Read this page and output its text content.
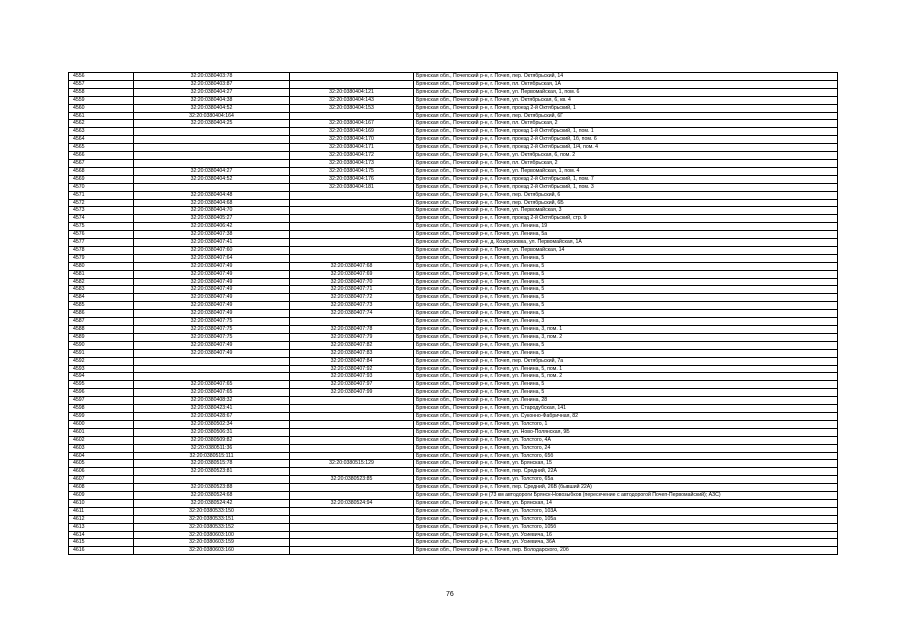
4556	32:20:0380403:78		Брянская обл., Почепский р-н, г. Почеп, пер. Октябрьский, 14
4557	32:20:0380403:87		Брянская обл., Почепский р-н, г. Почеп, пл. Октябрьская, 1А
4558	32:20:0380404:27	32:20:0380404:121	Брянская обл., Почепский р-н, г. Почеп, ул. Первомайская, 1, пом. 6
4559	32:20:0380404:38	32:20:0380404:143	Брянская обл., Почепский р-н, г. Почеп, ул. Октябрьская, 6, кв. 4
4560	32:20:0380404:52	32:20:0380404:153	Брянская обл., Почепский р-н, г. Почеп, проезд 2-й Октябрьский, 1
4561	32:20:0380404:164		Брянская обл., Почепский р-н, г. Почеп, пер. Октябрьский, 6Г
4562	32:20:0380404:25	32:20:0380404:167	Брянская обл., Почепский р-н, г. Почеп, пл. Октябрьская, 2
4563		32:20:0380404:169	Брянская обл., Почепский р-н, г. Почеп, проезд 1-й Октябрьский, 1, пом. 1
4564		32:20:0380404:170	Брянская обл., Почепский р-н, г. Почеп, проезд 2-й Октябрьский, 1б, пом. 6
4565		32:20:0380404:171	Брянская обл., Почепский р-н, г. Почеп, проезд 2-й Октябрьский, 1/4, пом. 4
4566		32:20:0380404:172	Брянская обл., Почепский р-н, г. Почеп, ул. Октябрьская, 6, пом. 2
4567		32:20:0380404:173	Брянская обл., Почепский р-н, г. Почеп, пл. Октябрьская, 2
4568	32:20:0380404:27	32:20:0380404:175	Брянская обл., Почепский р-н, г. Почеп, ул. Первомайская, 1, пом. 4
4569	32:20:0380404:52	32:20:0380404:176	Брянская обл., Почепский р-н, г. Почеп, проезд 2-й Октябрьский, 1, пом. 7
4570		32:20:0380404:181	Брянская обл., Почепский р-н, г. Почеп, проезд 2-й Октябрьский, 1, пом. 3
4571	32:20:0380404:48		Брянская обл., Почепский р-н, г. Почеп, пер. Октябрьский, 6
4572	32:20:0380404:68		Брянская обл., Почепский р-н, г. Почеп, пер. Октябрьский, 6Б
4573	32:20:0380404:70		Брянская обл., Почепский р-н, г. Почеп, ул. Первомайская, 3
4574	32:20:0380405:27		Брянская обл., Почепский р-н, г. Почеп, проезд 2-й Октябрьский, стр. 9
4575	32:20:0380406:42		Брянская обл., Почепский р-н, г. Почеп, ул. Ленина, 19
4576	32:20:0380407:38		Брянская обл., Почепский р-н, г. Почеп, ул. Ленина, 5а
4577	32:20:0380407:41		Брянская обл., Почепский р-н, д. Козорезовка, ул. Первомайская, 1А
4578	32:20:0380407:60		Брянская обл., Почепский р-н, г. Почеп, ул. Первомайская, 14
4579	32:20:0380407:64		Брянская обл., Почепский р-н, г. Почеп, ул. Ленина, 5
4580	32:20:0380407:49	32:20:0380407:68	Брянская обл., Почепский р-н, г. Почеп, ул. Ленина, 5
4581	32:20:0380407:49	32:20:0380407:69	Брянская обл., Почепский р-н, г. Почеп, ул. Ленина, 5
4582	32:20:0380407:49	32:20:0380407:70	Брянская обл., Почепский р-н, г. Почеп, ул. Ленина, 5
4583	32:20:0380407:49	32:20:0380407:71	Брянская обл., Почепский р-н, г. Почеп, ул. Ленина, 5
4584	32:20:0380407:49	32:20:0380407:72	Брянская обл., Почепский р-н, г. Почеп, ул. Ленина, 5
4585	32:20:0380407:49	32:20:0380407:73	Брянская обл., Почепский р-н, г. Почеп, ул. Ленина, 5
4586	32:20:0380407:49	32:20:0380407:74	Брянская обл., Почепский р-н, г. Почеп, ул. Ленина, 5
4587	32:20:0380407:75		Брянская обл., Почепский р-н, г. Почеп, ул. Ленина, 3
4588	32:20:0380407:75	32:20:0380407:78	Брянская обл., Почепский р-н, г. Почеп, ул. Ленина, 3, пом. 1
4589	32:20:0380407:75	32:20:0380407:79	Брянская обл., Почепский р-н, г. Почеп, ул. Ленина, 3, пом. 2
4590	32:20:0380407:49	32:20:0380407:82	Брянская обл., Почепский р-н, г. Почеп, ул. Ленина, 5
4591	32:20:0380407:49	32:20:0380407:83	Брянская обл., Почепский р-н, г. Почеп, ул. Ленина, 5
4592		32:20:0380407:84	Брянская обл., Почепский р-н, г. Почеп, пер. Октябрьский, 7а
4593		32:20:0380407:92	Брянская обл., Почепский р-н, г. Почеп, ул. Ленина, 5, пом. 1
4594		32:20:0380407:93	Брянская обл., Почепский р-н, г. Почеп, ул. Ленина, 5, пом. 2
4595	32:20:0380407:65	32:20:0380407:97	Брянская обл., Почепский р-н, г. Почеп, ул. Ленина, 5
4596	32:20:0380407:65	32:20:0380407:99	Брянская обл., Почепский р-н, г. Почеп, ул. Ленина, 5
4597	32:20:0380408:32		Брянская обл., Почепский р-н, г. Почеп, ул. Ленина, 28
4598	32:20:0380423:41		Брянская обл., Почепский р-н, г. Почеп, ул. Стародубская, 141
4599	32:20:0380428:67		Брянская обл., Почепский р-н, г. Почеп, ул. Суконно-Фабричная, 82
4600	32:20:0380502:34		Брянская обл., Почепский р-н, г. Почеп, ул. Толстого, 1
4601	32:20:0380506:31		Брянская обл., Почепский р-н, г. Почеп, ул. Ново-Полянская, 9Б
4602	32:20:0380509:82		Брянская обл., Почепский р-н, г. Почеп, ул. Толстого, 4А
4603	32:20:0380511:36		Брянская обл., Почепский р-н, г. Почеп, ул. Толстого, 24
4604	32:20:0380515:111		Брянская обл., Почепский р-н, г. Почеп, ул. Толстого, 65б
4605	32:20:0380515:78	32:20:0380515:129	Брянская обл., Почепский р-н, г. Почеп, ул. Брянская, 15
4606	32:20:0380523:81		Брянская обл., Почепский р-н, г. Почеп, пер. Средний, 22А
4607		32:20:0380523:85	Брянская обл., Почепский р-н, г. Почеп, ул. Толстого, 65а
4608	32:20:0380523:88		Брянская обл., Почепский р-н, г. Почеп, пер. Средний, 26В (бывший 22А)
4609	32:20:0380524:68		Брянская обл., Почепский р-н (73 км автодороги Брянск-Новозыбков (пересечение с автодорогой Почеп-Первомайский); АЗС)
4610	32:20:0380524:42	32:20:0380524:94	Брянская обл., Почепский р-н, г. Почеп, ул. Брянская, 14
4611	32:20:0380533:150		Брянская обл., Почепский р-н, г. Почеп, ул. Толстого, 103А
4612	32:20:0380533:151		Брянская обл., Почепский р-н, г. Почеп, ул. Толстого, 105а
4613	32:20:0380533:152		Брянская обл., Почепский р-н, г. Почеп, ул. Толстого, 105б
4614	32:20:0380603:100		Брянская обл., Почепский р-н, г. Почеп, ул. Усиевича, 16
4615	32:20:0380603:159		Брянская обл., Почепский р-н, г. Почеп, ул. Усиевича, 36А
4616	32:20:0380603:160		Брянская обл., Почепский р-н, г. Почеп, пер. Володарского, 20б
76
